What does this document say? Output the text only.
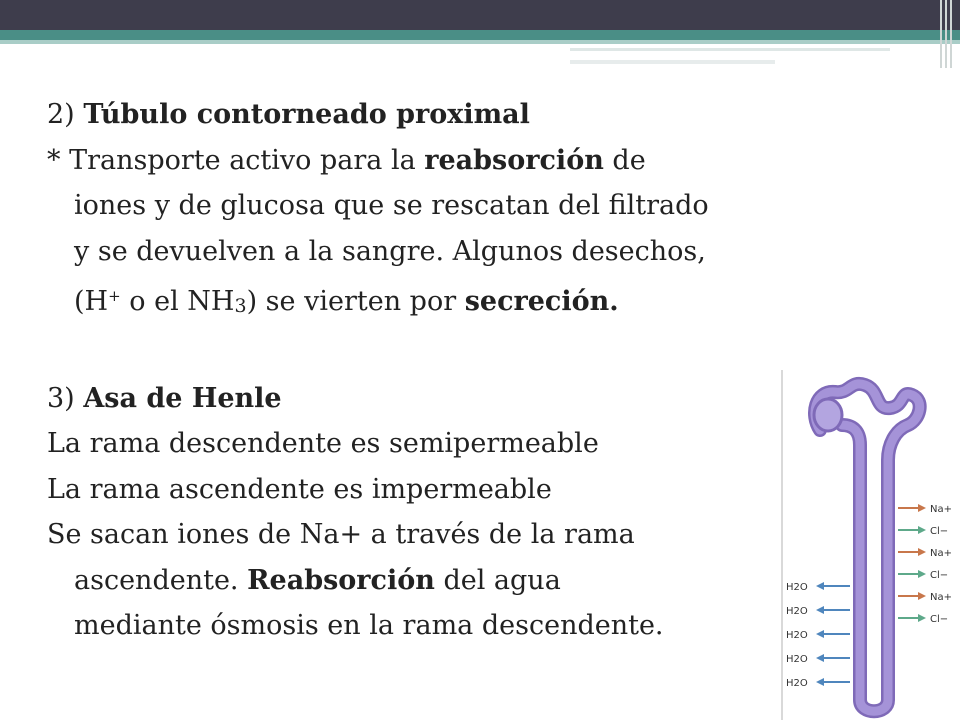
2) Túbulo contorneado proximal
* Transporte activo para la reabsorción de
iones y de glucosa que se rescatan del filtrado
y se devuelven a la sangre. Algunos desechos,
(H+ o el NH3) se vierten por secreción.
3) Asa de Henle
La rama descendente es semipermeable
La rama ascendente es impermeable
Se sacan iones de Na+ a través de la rama
ascendente. Reabsorción del agua
mediante ósmosis en la rama descendente.
Na+
Cl−
Na+
Cl−
Na+
Cl−
H2O
H2O
H2O
H2O
H2O
